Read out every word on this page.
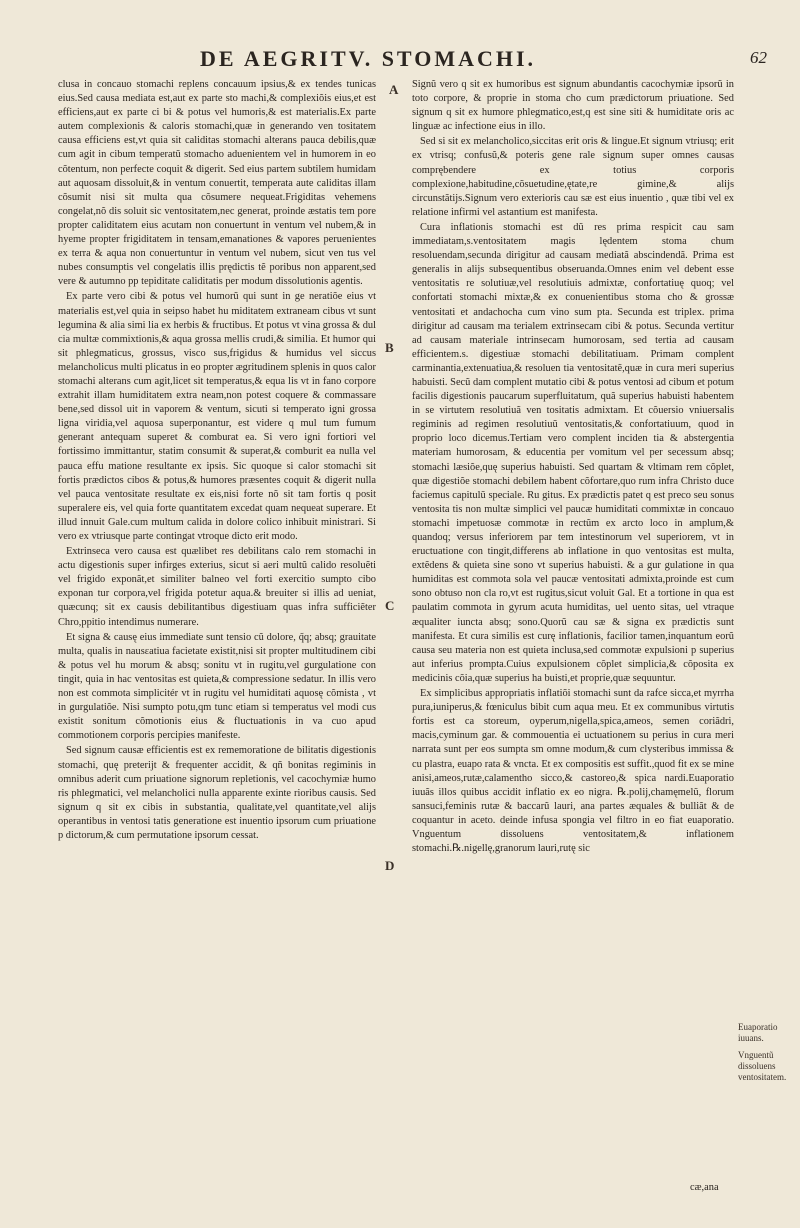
DE AEGRITV. STOMACHI.	62
A
B
C
D

clusa in concauo stomachi replens concauum ipsius,& ex tendes tunicas eius.Sed causa mediata est,aut ex parte sto machi,& complexiõis eius,et est efficiens,aut ex parte ci bi & potus vel humoris,& est materialis.Ex parte autem complexionis & caloris stomachi,quæ in generando ven tositatem causa efficiens est,vt quia sit caliditas stomachi alterans pauca debilis,quæ cum agit in cibum temperatũ stomacho aduenientem vel in humorem in eo cõtentum, non perfecte coquit & digerit. Sed eius partem subtilem humidam aut aquosam dissoluit,& in ventum conuertit, temperata aute caliditas illam cõsumit nisi sit multa qua cõsumere nequeat.Frigiditas vehemens congelat,nõ dis soluit sic ventositatem,nec generat, proinde æstatis tem pore propter caliditatem eius acutam non conuertunt in ventum vel nubem,& in hyeme propter frigiditatem in tensam,emanationes & vapores peruenientes ex terra & aqua non conuertuntur in ventum vel nubem, sicut ven tus vel nubes consumptis vel congelatis illis prędictis tẽ poribus non apparent,sed vere & autumno pp tepiditate caliditatis per modum dissolutionis agentis.

Ex parte vero cibi & potus vel humorũ qui sunt in ge neratiõe eius vt materialis est,vel quia in seipso habet hu miditatem extraneam cibus vt sunt legumina & alia simi lia ex herbis & fructibus. Et potus vt vina grossa & dul cia multæ commixtionis,& aqua grossa mellis crudi,& similia. Et humor qui sit phlegmaticus, grossus, visco sus,frigidus & humidus vel siccus melancholicus multi plicatus in eo propter ægritudinem splenis in quos calor stomachi alterans cum agit,licet sit temperatus,& equa lis vt in fano corpore extrahit illam humiditatem extra neam,non potest coquere & commassare bene,sed dissol uit in vaporem & ventum, sicuti si temperato igni grossa ligna viridia,vel aquosa superponantur, est videre q mul tum fumum generant antequam superet & comburat ea. Si vero igni fortiori vel fortissimo immittantur, statim consumit & superat,& comburit ea nulla vel pauca effu matione resultante ex ipsis. Sic quoque si calor stomachi sit fortis prædictos cibos & potus,& humores præsentes coquit & digerit nulla vel pauca ventositate resultate ex eis,nisi forte nõ sit tam fortis q posit superalere eis, vel quia forte quantitatem excedat quam nequeat superare. Et illud innuit Gale.cum multum calida in dolore colico inhibuit ministrari. Si vero ex vtriusque parte contingat vtroque dicto erit modo.

Extrinseca vero causa est quælibet res debilitans calo rem stomachi in actu digestionis super infirges exterius, sicut si aeri multũ calido resoluẽti vel frigido exponãt,et similiter balneo vel forti exercitio sumpto cibo exponan tur corpora,vel frigida potetur aqua.& breuiter si illis ad ueniat, quæcunq; sit ex causis debilitantibus digestiuam quas infra sufficiẽter Chro,ppitio intendimus numerare.

Et signa & causę eius immediate sunt tensio cũ dolore, q̃q; absq; grauitate multa, qualis in nausεatiua facietate existit,nisi sit propter multitudinem cibi & potus vel hu morum & absq; sonitu vt in rugitu,vel gurgulatione con tingit, quia in hac ventositas est quieta,& compressione sedatur. In illis vero non est commota simplicitér vt in rugitu vel humiditati aquosę cõmista , vt in gurgulatiõe. Nisi sumpto potu,qm tunc etiam si temperatus vel modi cus existit sonitum cõmotionis eius & fluctuationis in va cuo apud commotionem corporis percipies manifeste.

Sed signum causæ efficientis est ex rememoratione de bilitatis digestionis stomachi, quę preterijt & frequenter accidit, & qñ bonitas regiminis in omnibus aderit cum priuatione signorum repletionis, vel cacochymiæ humo ris phlegmatici, vel melancholici nulla apparente exinte rioribus causis. Sed signum q sit ex cibis in substantia, qualitate,vel quantitate,vel alijs operantibus in ventosi tatis generatione est inuentio ipsorum cum priuatione p dictorum,& cum permutatione ipsorum cessat.

Signũ vero q sit ex humoribus est signum abundantis cacochymiæ ipsorũ in toto corpore, & proprie in stoma cho cum prædictorum priuatione. Sed signum q sit ex humore phlegmatico,est,q est sine siti & humiditate oris ac linguæ ac infectione eius in illo.

Sed si sit ex melancholico,siccitas erit oris & lingue.Et signum vtriusq; erit ex vtrisq; confusũ,& poteris gene rale signum super omnes causas comprębendere ex totius corporis complexione,habitudine,cõsuetudine,ętate,re gimine,& alijs circunstãtijs.Signum vero exterioris cau sæ est eius inuentio , quæ tibi vel ex relatione infirmi vel astantium est manifesta.

Cura inflationis stomachi est dũ res prima respicit cau sam immediatam,s.ventositatem magis lędentem stoma chum resoluendam,secunda dirigitur ad causam mediatã abscindendã. Prima est generalis in alijs subsequentibus obseruanda.Omnes enim vel debent esse ventositatis re solutiuæ,vel resolutiuis admixtæ, confortatiuę quoq; vel confortati stomachi mixtæ,& ex conuenientibus stoma cho & grossæ ventositati et andachocha cum vino sum pta. Secunda est triplex. prima dirigitur ad causam ma terialem extrinsecam cibi & potus. Secunda vertitur ad causam materiale intrinsecam humorosam, sed tertia ad causam efficientem.s. digestiuæ stomachi debilitatiuam. Primam complent carminantia,extenuatiua,& resoluen tia ventositatẽ,quæ in cura meri superius habuisti. Secũ dam complent mutatio cibi & potus ventosi ad cibum et potum facilis digestionis paucarum superfluitatum, quã superius habuisti habentem in se virtutem resolutiuã ven tositatis admixtam. Et cõuersio vniuersalis regiminis ad regimen resolutiuũ ventositatis,& confortatiuum, quod in proprio loco dicemus.Tertiam vero complent inciden tia & abstergentia materiam humorosam, & educentia per vomitum vel per secessum absq; stomachi læsiõe,quę superius habuisti. Sed quartam & vltimam rem cõplet, quæ digestiõe stomachi debilem habent cõfortare,quo rum infra Christo duce faciemus capitulũ speciale. Ru gitus. Ex prædictis patet q est preco seu sonus ventosita tis non multæ simplici vel paucæ humiditati commixtæ in concauo stomachi impetuosæ commotæ in rectũm ex arcto loco in amplum,& quandoq; versus inferiorem par tem intestinorum vel superiorem, vt in eructuatione con tingit,differens ab inflatione in quo ventositas est multa, extẽdens & quieta sine sono vt superius habuisti. & a gur gulatione in qua humiditas est commota sola vel paucæ ventositati admixta,proinde est cum sono obtuso non cla ro,vt est rugitus,sicut voluit Gal. Et a tortione in qua est paulatim commota in gyrum acuta humiditas, uel uento sitas, uel vtraque æqualiter iuncta absq; sono.Quorũ cau sæ & signa ex prædictis sunt manifesta. Et cura similis est curę inflationis, facilior tamen,inquantum eorũ causa seu materia non est quieta inclusa,sed commotæ expulsioni p superius aut inferius prompta.Cuius expulsionem cõplet simplicia,& cõposita ex medicinis cõia,quæ superius ha buisti,et proprie,quæ sequuntur.

Ex simplicibus appropriatis inflatiõi stomachi sunt da rafce sicca,et myrrha pura,iuniperus,& fœniculus bibit cum aqua meu. Et ex communibus virtutis fortis est ca storeum, oyperum,nigella,spica,ameos, semen coriãdri, macis,cyminum gar. & commouentia ei uctuationem su perius in cura meri narrata sunt per eos sumpta sm omne modum,& cum clysteribus immissa & cu plastra, euapo rata & vncta. Et ex compositis est suffit.,quod fit ex se mine anisi,ameos,rutæ,calamentho sicco,& castoreo,& spica nardi.Euaporatio iuuãs illos quibus accidit inflatio ex eo nigra. ℞.polij,chamęmelũ, florum sansuci,feminis rutæ & baccarũ lauri, ana partes æquales & bulliãt & de coquantur in aceto. deinde infusa spongia vel filtro in eo fiat euaporatio. Vnguentum dissoluens ventositatem,& inflationem stomachi.℞.nigellę,granorum lauri,rutę sic

Euaporatio iuuans.
Vnguentũ dissoluens ventositatem.
cæ,ana
